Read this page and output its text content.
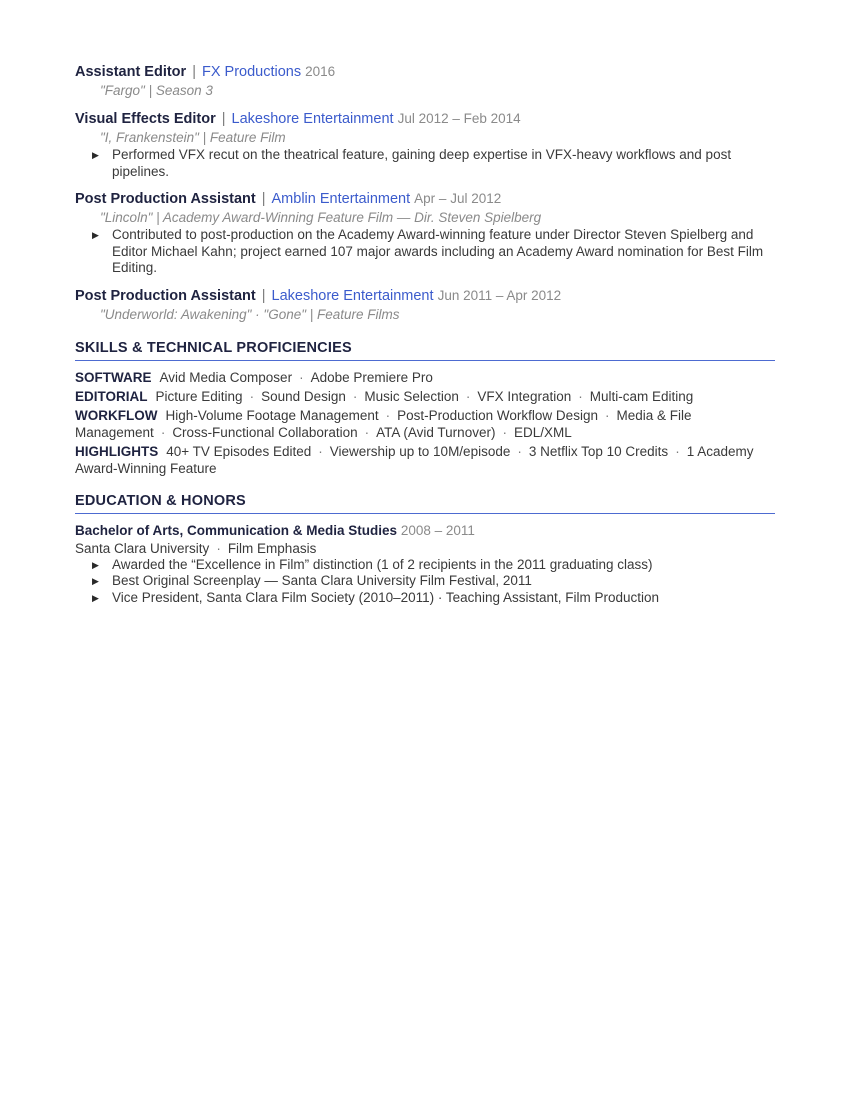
Assistant Editor | FX Productions 2016
"Fargo" | Season 3
Visual Effects Editor | Lakeshore Entertainment Jul 2012 – Feb 2014
"I, Frankenstein" | Feature Film
▶ Performed VFX recut on the theatrical feature, gaining deep expertise in VFX-heavy workflows and post pipelines.
Post Production Assistant | Amblin Entertainment Apr – Jul 2012
"Lincoln" | Academy Award-Winning Feature Film — Dir. Steven Spielberg
▶ Contributed to post-production on the Academy Award-winning feature under Director Steven Spielberg and Editor Michael Kahn; project earned 107 major awards including an Academy Award nomination for Best Film Editing.
Post Production Assistant | Lakeshore Entertainment Jun 2011 – Apr 2012
"Underworld: Awakening" · "Gone" | Feature Films
SKILLS & TECHNICAL PROFICIENCIES
SOFTWARE Avid Media Composer · Adobe Premiere Pro
EDITORIAL Picture Editing · Sound Design · Music Selection · VFX Integration · Multi-cam Editing
WORKFLOW High-Volume Footage Management · Post-Production Workflow Design · Media & File Management · Cross-Functional Collaboration · ATA (Avid Turnover) · EDL/XML
HIGHLIGHTS 40+ TV Episodes Edited · Viewership up to 10M/episode · 3 Netflix Top 10 Credits · 1 Academy Award-Winning Feature
EDUCATION & HONORS
Bachelor of Arts, Communication & Media Studies 2008 – 2011
Santa Clara University · Film Emphasis
▶ Awarded the “Excellence in Film” distinction (1 of 2 recipients in the 2011 graduating class)
▶ Best Original Screenplay — Santa Clara University Film Festival, 2011
▶ Vice President, Santa Clara Film Society (2010–2011) · Teaching Assistant, Film Production
